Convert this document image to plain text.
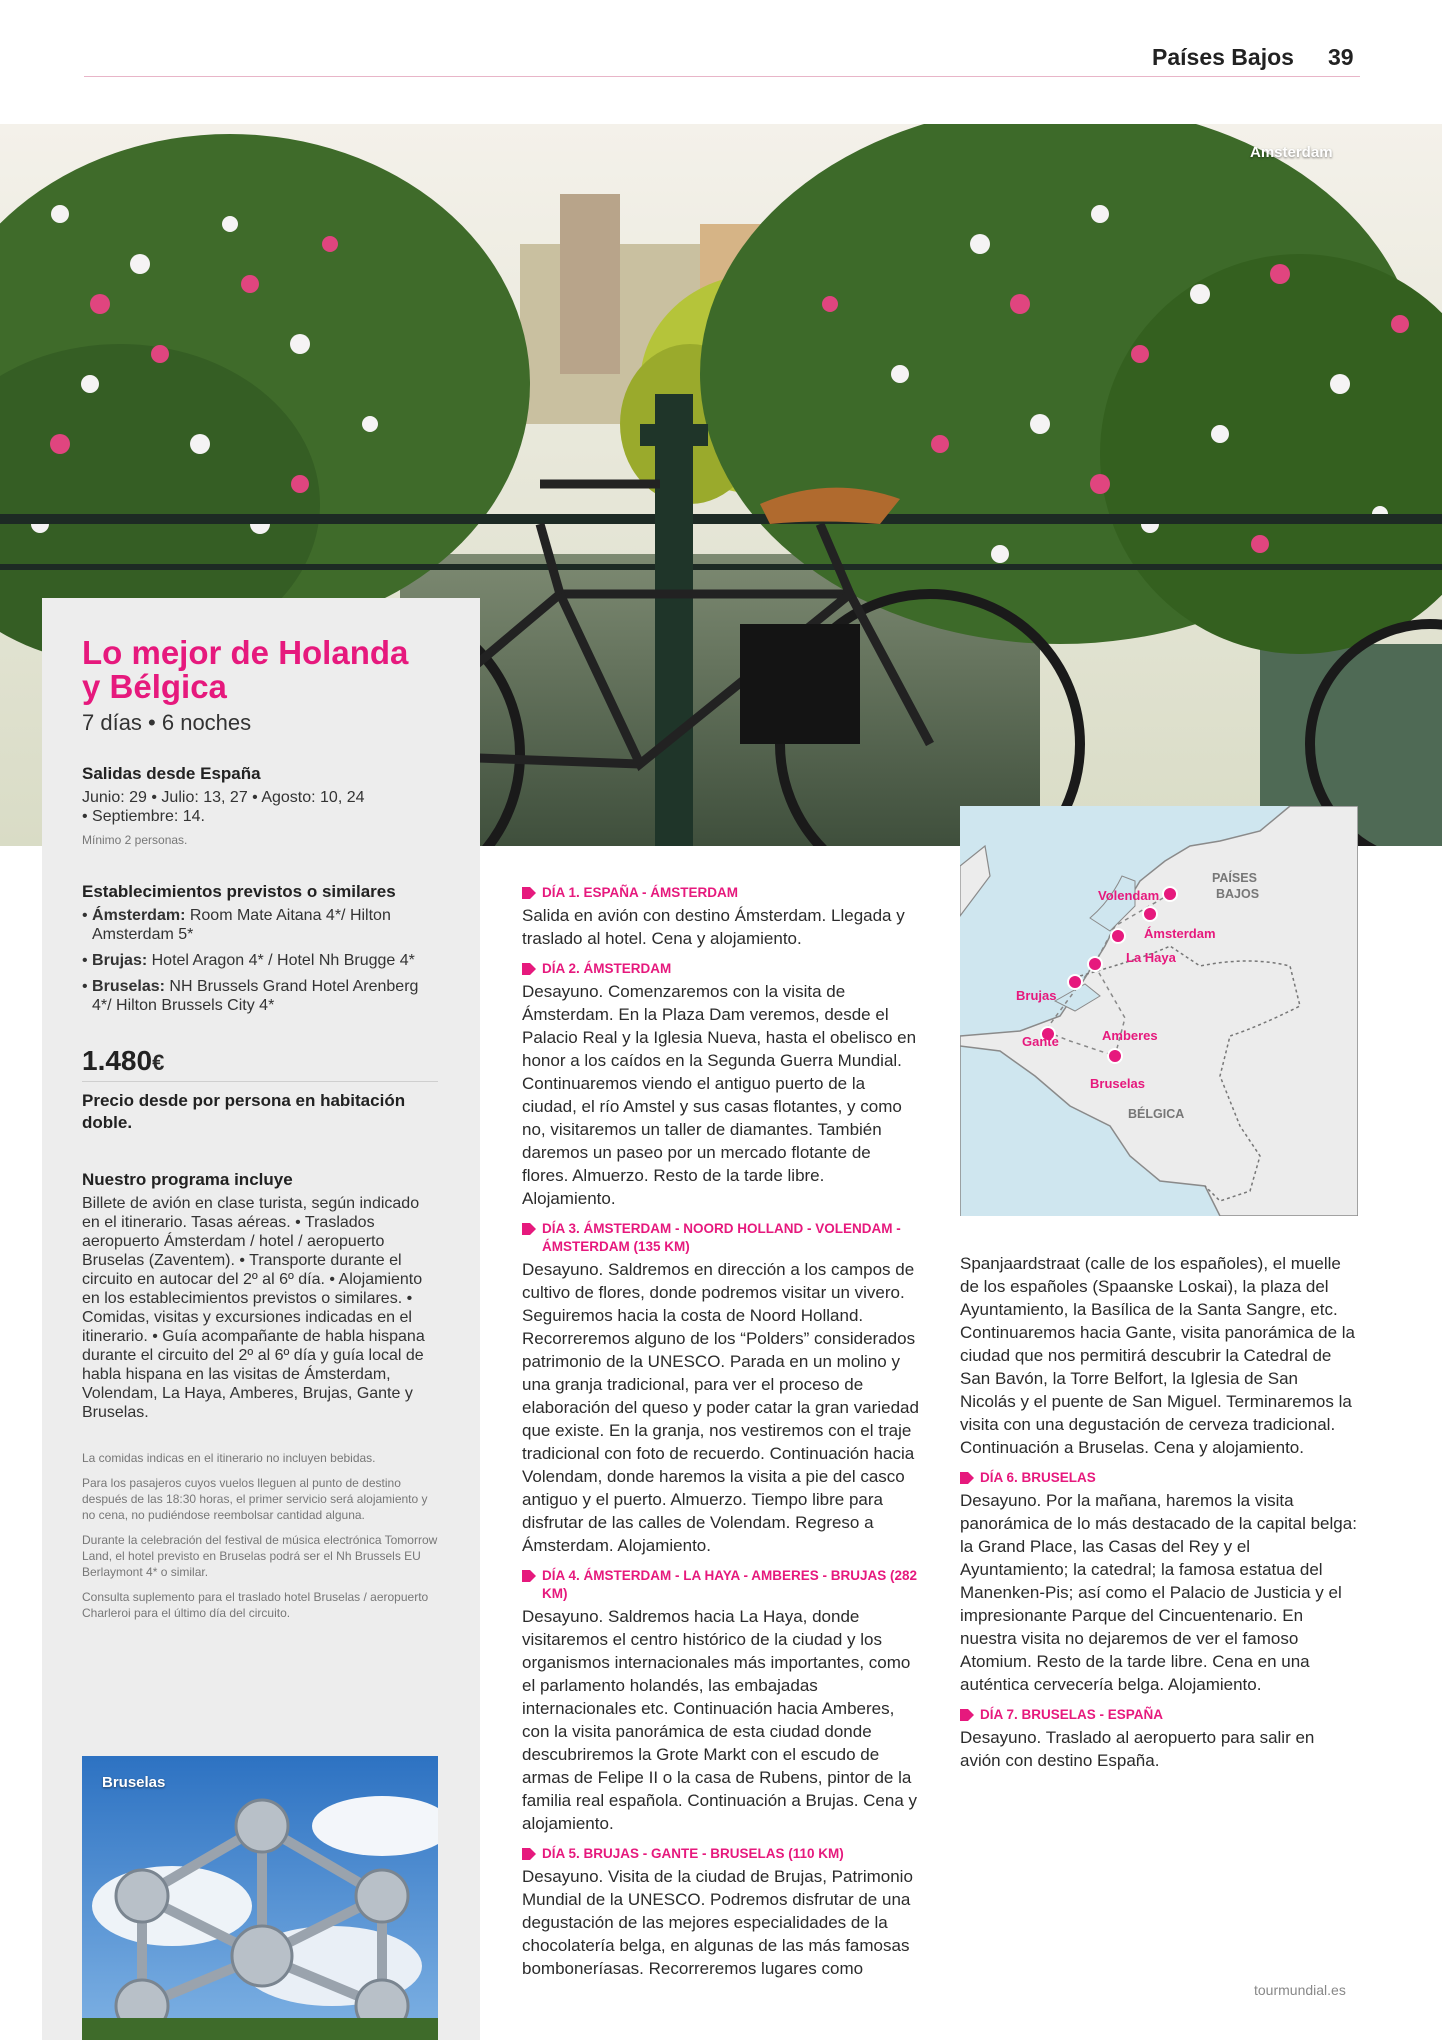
Países Bajos 39
Amsterdam
Lo mejor de Holanda
y Bélgica
7 días • 6 noches
Salidas desde España
Junio: 29 • Julio: 13, 27 • Agosto: 10, 24
• Septiembre: 14.
Mínimo 2 personas.
Establecimientos previstos o similares
• Ámsterdam: Room Mate Aitana 4*/ Hilton Amsterdam 5*
• Brujas: Hotel Aragon 4* / Hotel Nh Brugge 4*
• Bruselas: NH Brussels Grand Hotel Arenberg 4*/ Hilton Brussels City 4*
1.480€
Precio desde por persona en habitación doble.
Nuestro programa incluye
Billete de avión en clase turista, según indicado en el itinerario. Tasas aéreas. • Traslados aeropuerto Ámsterdam / hotel / aeropuerto Bruselas (Zaventem). • Transporte durante el circuito en autocar del 2º al 6º día. • Alojamiento en los establecimientos previstos o similares. • Comidas, visitas y excursiones indicadas en el itinerario. • Guía acompañante de habla hispana durante el circuito del 2º al 6º día y guía local de habla hispana en las visitas de Ámsterdam, Volendam, La Haya, Amberes, Brujas, Gante y Bruselas.

La comidas indicas en el itinerario no incluyen bebidas.

Para los pasajeros cuyos vuelos lleguen al punto de destino después de las 18:30 horas, el primer servicio será alojamiento y no cena, no pudiéndose reembolsar cantidad alguna.

Durante la celebración del festival de música electrónica Tomorrow Land, el hotel previsto en Bruselas podrá ser el Nh Brussels EU Berlaymont 4* o similar.

Consulta suplemento para el traslado hotel Bruselas / aeropuerto Charleroi para el último día del circuito.

Bruselas
DÍA 1. ESPAÑA - ÁMSTERDAM

Salida en avión con destino Ámsterdam. Llegada y traslado al hotel. Cena y alojamiento.

DÍA 2. ÁMSTERDAM

Desayuno. Comenzaremos con la visita de Ámsterdam. En la Plaza Dam veremos, desde el Palacio Real y la Iglesia Nueva, hasta el obelisco en honor a los caídos en la Segunda Guerra Mundial. Continuaremos viendo el antiguo puerto de la ciudad, el río Amstel y sus casas flotantes, y como no, visitaremos un taller de diamantes. También daremos un paseo por un mercado flotante de flores. Almuerzo. Resto de la tarde libre. Alojamiento.

DÍA 3. ÁMSTERDAM - NOORD HOLLAND - VOLENDAM - ÁMSTERDAM (135 KM)

Desayuno. Saldremos en dirección a los campos de cultivo de flores, donde podremos visitar un vivero. Seguiremos hacia la costa de Noord Holland. Recorreremos alguno de los “Polders” considerados patrimonio de la UNESCO. Parada en un molino y una granja tradicional, para ver el proceso de elaboración del queso y poder catar la gran variedad que existe. En la granja, nos vestiremos con el traje tradicional con foto de recuerdo. Continuación hacia Volendam, donde haremos la visita a pie del casco antiguo y el puerto. Almuerzo. Tiempo libre para disfrutar de las calles de Volendam. Regreso a Ámsterdam. Alojamiento.

DÍA 4. ÁMSTERDAM - LA HAYA - AMBERES - BRUJAS (282 KM)

Desayuno. Saldremos hacia La Haya, donde visitaremos el centro histórico de la ciudad y los organismos internacionales más importantes, como el parlamento holandés, las embajadas internacionales etc. Continuación hacia Amberes, con la visita panorámica de esta ciudad donde descubriremos la Grote Markt con el escudo de armas de Felipe II o la casa de Rubens, pintor de la familia real española. Continuación a Brujas. Cena y alojamiento.

DÍA 5. BRUJAS - GANTE - BRUSELAS (110 KM)

Desayuno. Visita de la ciudad de Brujas, Patrimonio Mundial de la UNESCO. Podremos disfrutar de una degustación de las mejores especialidades de la chocolatería belga, en algunas de las más famosas bomboneríasas. Recorreremos lugares como

PAÍSES
BAJOS
BÉLGICA
Volendam
Ámsterdam
La Haya
Brujas
Gante	Amberes
Bruselas

Spanjaardstraat (calle de los españoles), el muelle de los españoles (Spaanske Loskai), la plaza del Ayuntamiento, la Basílica de la Santa Sangre, etc. Continuaremos hacia Gante, visita panorámica de la ciudad que nos permitirá descubrir la Catedral de San Bavón, la Torre Belfort, la Iglesia de San Nicolás y el puente de San Miguel. Terminaremos la visita con una degustación de cerveza tradicional. Continuación a Bruselas. Cena y alojamiento.

DÍA 6. BRUSELAS

Desayuno. Por la mañana, haremos la visita panorámica de lo más destacado de la capital belga: la Grand Place, las Casas del Rey y el Ayuntamiento; la catedral; la famosa estatua del Manenken-Pis; así como el Palacio de Justicia y el impresionante Parque del Cincuentenario. En nuestra visita no dejaremos de ver el famoso Atomium. Resto de la tarde libre. Cena en una auténtica cervecería belga. Alojamiento.

DÍA 7. BRUSELAS - ESPAÑA

Desayuno. Traslado al aeropuerto para salir en avión con destino España.

tourmundial.es
